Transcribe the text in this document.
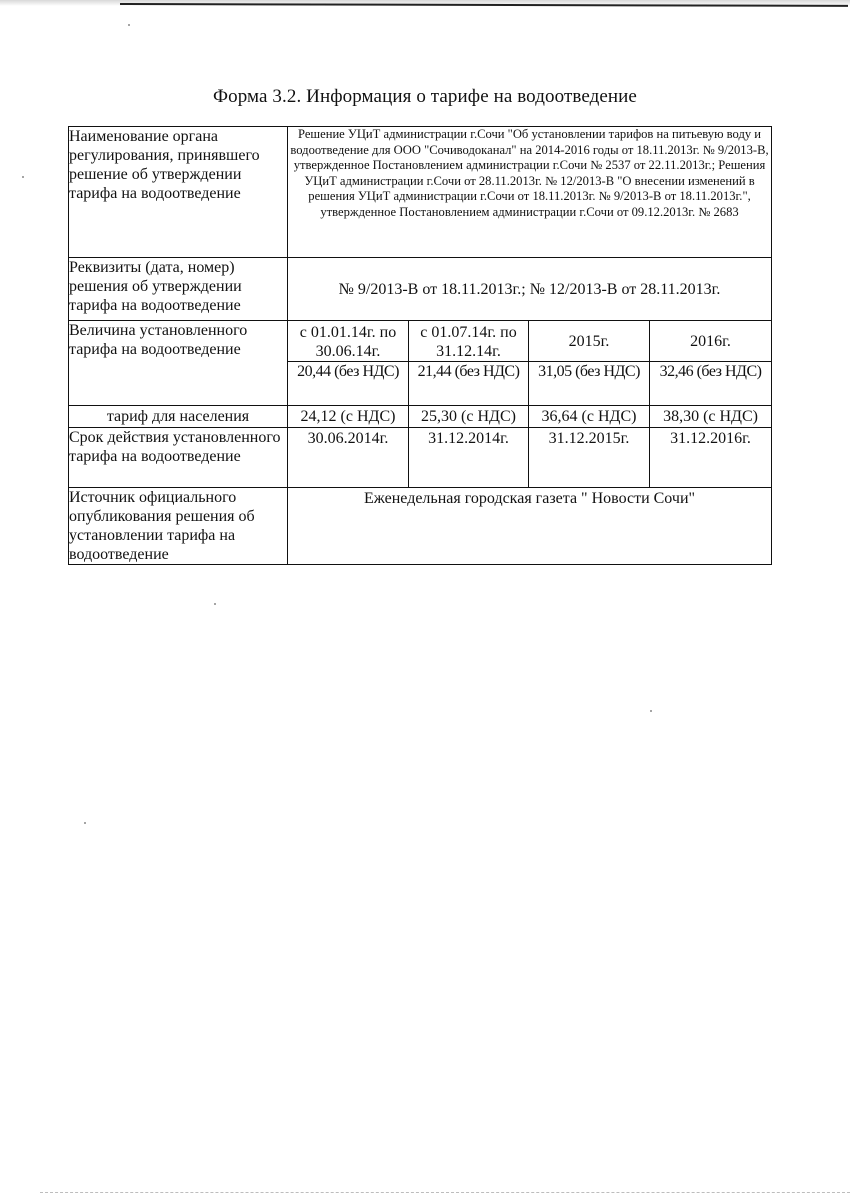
Форма 3.2. Информация о тарифе на водоотведение
Наименование органа регулирования, принявшего решение об утверждении тарифа на водоотведение	Решение УЦиТ администрации г.Сочи "Об установлении тарифов на питьевую воду и водоотведение для ООО "Сочиводоканал" на 2014-2016 годы от 18.11.2013г. № 9/2013-В, утвержденное Постановлением администрации г.Сочи № 2537 от 22.11.2013г.; Решения УЦиТ администрации г.Сочи от 28.11.2013г. № 12/2013-В "О внесении изменений в решения УЦиТ администрации г.Сочи от 18.11.2013г. № 9/2013-В от 18.11.2013г.", утвержденное Постановлением администрации г.Сочи от 09.12.2013г. № 2683			
Реквизиты (дата, номер) решения об утверждении тарифа на водоотведение	№ 9/2013-В от 18.11.2013г.; № 12/2013-В от 28.11.2013г.			
Величина установленного тарифа на водоотведение	с 01.01.14г. по 30.06.14г.	с 01.07.14г. по 31.12.14г.	2015г.	2016г.
	20,44 (без НДС)	21,44 (без НДС)	31,05 (без НДС)	32,46 (без НДС)
тариф для населения	24,12 (с НДС)	25,30 (с НДС)	36,64 (с НДС)	38,30 (с НДС)
Срок действия установленного тарифа на водоотведение	30.06.2014г.	31.12.2014г.	31.12.2015г.	31.12.2016г.
Источник официального опубликования решения об установлении тарифа на водоотведение	Еженедельная городская газета " Новости Сочи"			
